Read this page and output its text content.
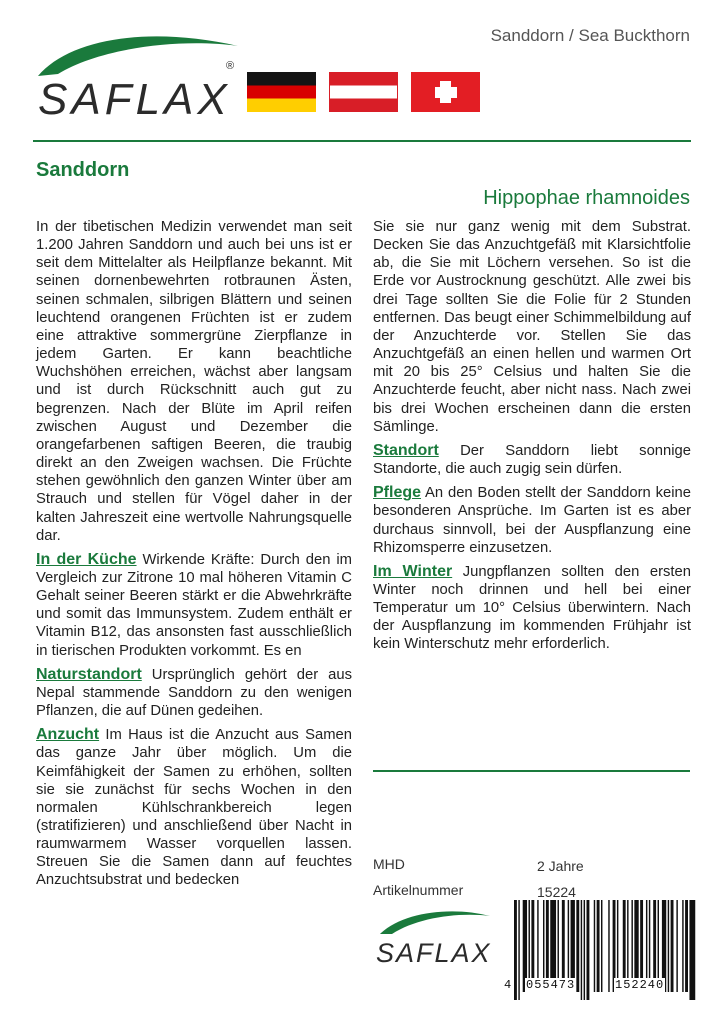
Sanddorn / Sea Buckthorn
SAFLAX
®
Sanddorn
Hippophae rhamnoides

In der tibetischen Medizin verwendet man seit 1.200 Jahren Sanddorn und auch bei uns ist er seit dem Mittelalter als Heilpflanze bekannt. Mit seinen dornenbewehrten rotbraunen Ästen, seinen schmalen, silbrigen Blättern und seinen leuchtend orangenen Früchten ist er zudem eine attraktive sommergrüne Zierpflanze in jedem Garten. Er kann beachtliche Wuchshöhen erreichen, wächst aber langsam und ist durch Rückschnitt auch gut zu begrenzen. Nach der Blüte im April reifen zwischen August und Dezember die orangefarbenen saftigen Beeren, die traubig direkt an den Zweigen wachsen. Die Früchte stehen gewöhnlich den ganzen Winter über am Strauch und stellen für Vögel daher in der kalten Jahreszeit eine wertvolle Nahrungsquelle dar.

In der Küche Wirkende Kräfte: Durch den im Vergleich zur Zitrone 10 mal höheren Vitamin C Gehalt seiner Beeren stärkt er die Abwehrkräfte und somit das Immunsystem. Zudem enthält er Vitamin B12, das ansonsten fast ausschließlich in tierischen Produkten vorkommt. Es en

Naturstandort Ursprünglich gehört der aus Nepal stammende Sanddorn zu den wenigen Pflanzen, die auf Dünen gedeihen.

Anzucht Im Haus ist die Anzucht aus Samen das ganze Jahr über möglich. Um die Keimfähigkeit der Samen zu erhöhen, sollten sie sie zunächst für sechs Wochen in den normalen Kühlschrankbereich legen (stratifizieren) und anschließend über Nacht in raumwarmem Wasser vorquellen lassen. Streuen Sie die Samen dann auf feuchtes Anzuchtsubstrat und bedecken

Sie sie nur ganz wenig mit dem Substrat. Decken Sie das Anzuchtgefäß mit Klarsichtfolie ab, die Sie mit Löchern versehen. So ist die Erde vor Austrocknung geschützt. Alle zwei bis drei Tage sollten Sie die Folie für 2 Stunden entfernen. Das beugt einer Schimmelbildung auf der Anzuchterde vor. Stellen Sie das Anzuchtgefäß an einen hellen und warmen Ort mit 20 bis 25° Celsius und halten Sie die Anzuchterde feucht, aber nicht nass. Nach zwei bis drei Wochen erscheinen dann die ersten Sämlinge.

Standort Der Sanddorn liebt sonnige Standorte, die auch zugig sein dürfen.

Pflege An den Boden stellt der Sanddorn keine besonderen Ansprüche. Im Garten ist es aber durchaus sinnvoll, bei der Auspflanzung eine Rhizomsperre einzusetzen.

Im Winter Jungpflanzen sollten den ersten Winter noch drinnen und hell bei einer Temperatur um 10° Celsius überwintern. Nach der Auspflanzung im kommenden Frühjahr ist kein Winterschutz mehr erforderlich.

MHD	2 Jahre
Artikelnummer	15224
SAFLAX
4 055473	152240
